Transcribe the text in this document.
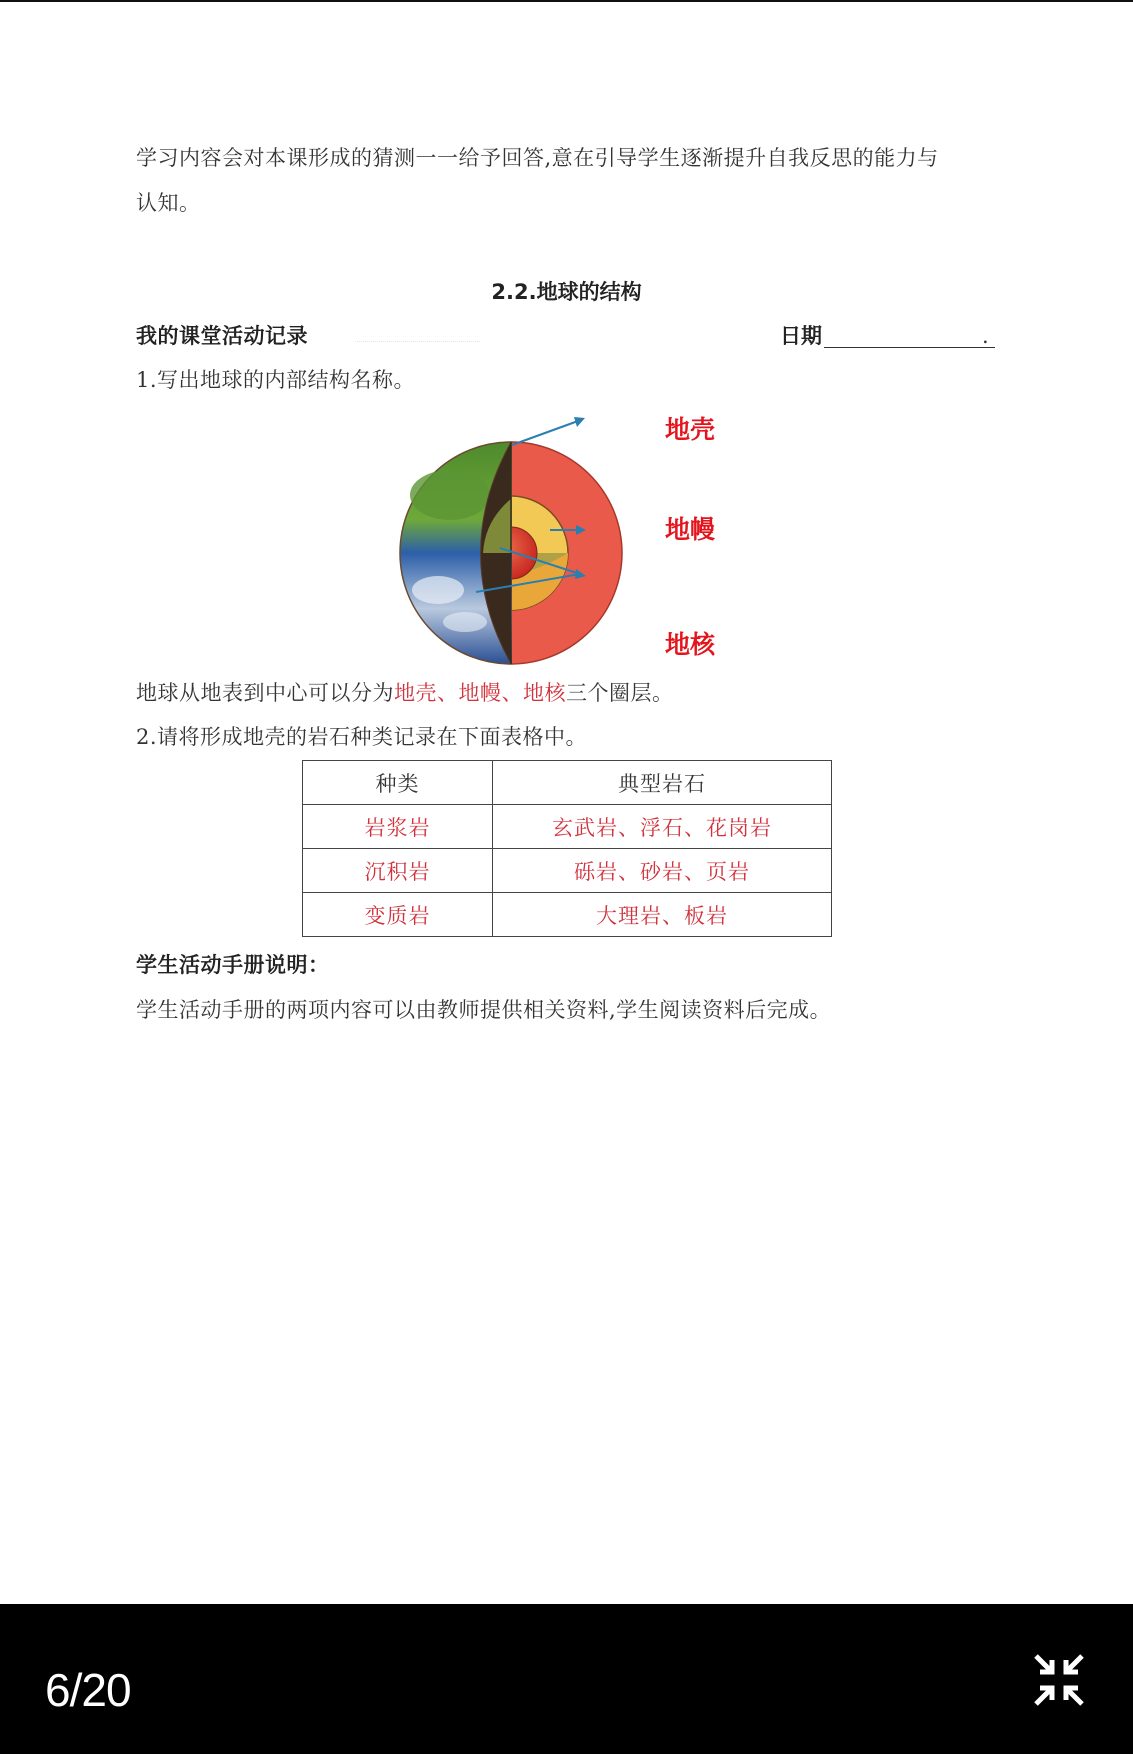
学习内容会对本课形成的猜测一一给予回答,意在引导学生逐渐提升自我反思的能力与
认知。
2.2.地球的结构
我的课堂活动记录	日期	.
1.写出地球的内部结构名称。
地壳
地幔
地核
地球从地表到中心可以分为地壳、地幔、地核三个圈层。
2.请将形成地壳的岩石种类记录在下面表格中。
种类	典型岩石
岩浆岩	玄武岩、浮石、花岗岩
沉积岩	砾岩、砂岩、页岩
变质岩	大理岩、板岩
学生活动手册说明：
学生活动手册的两项内容可以由教师提供相关资料,学生阅读资料后完成。
6/20
